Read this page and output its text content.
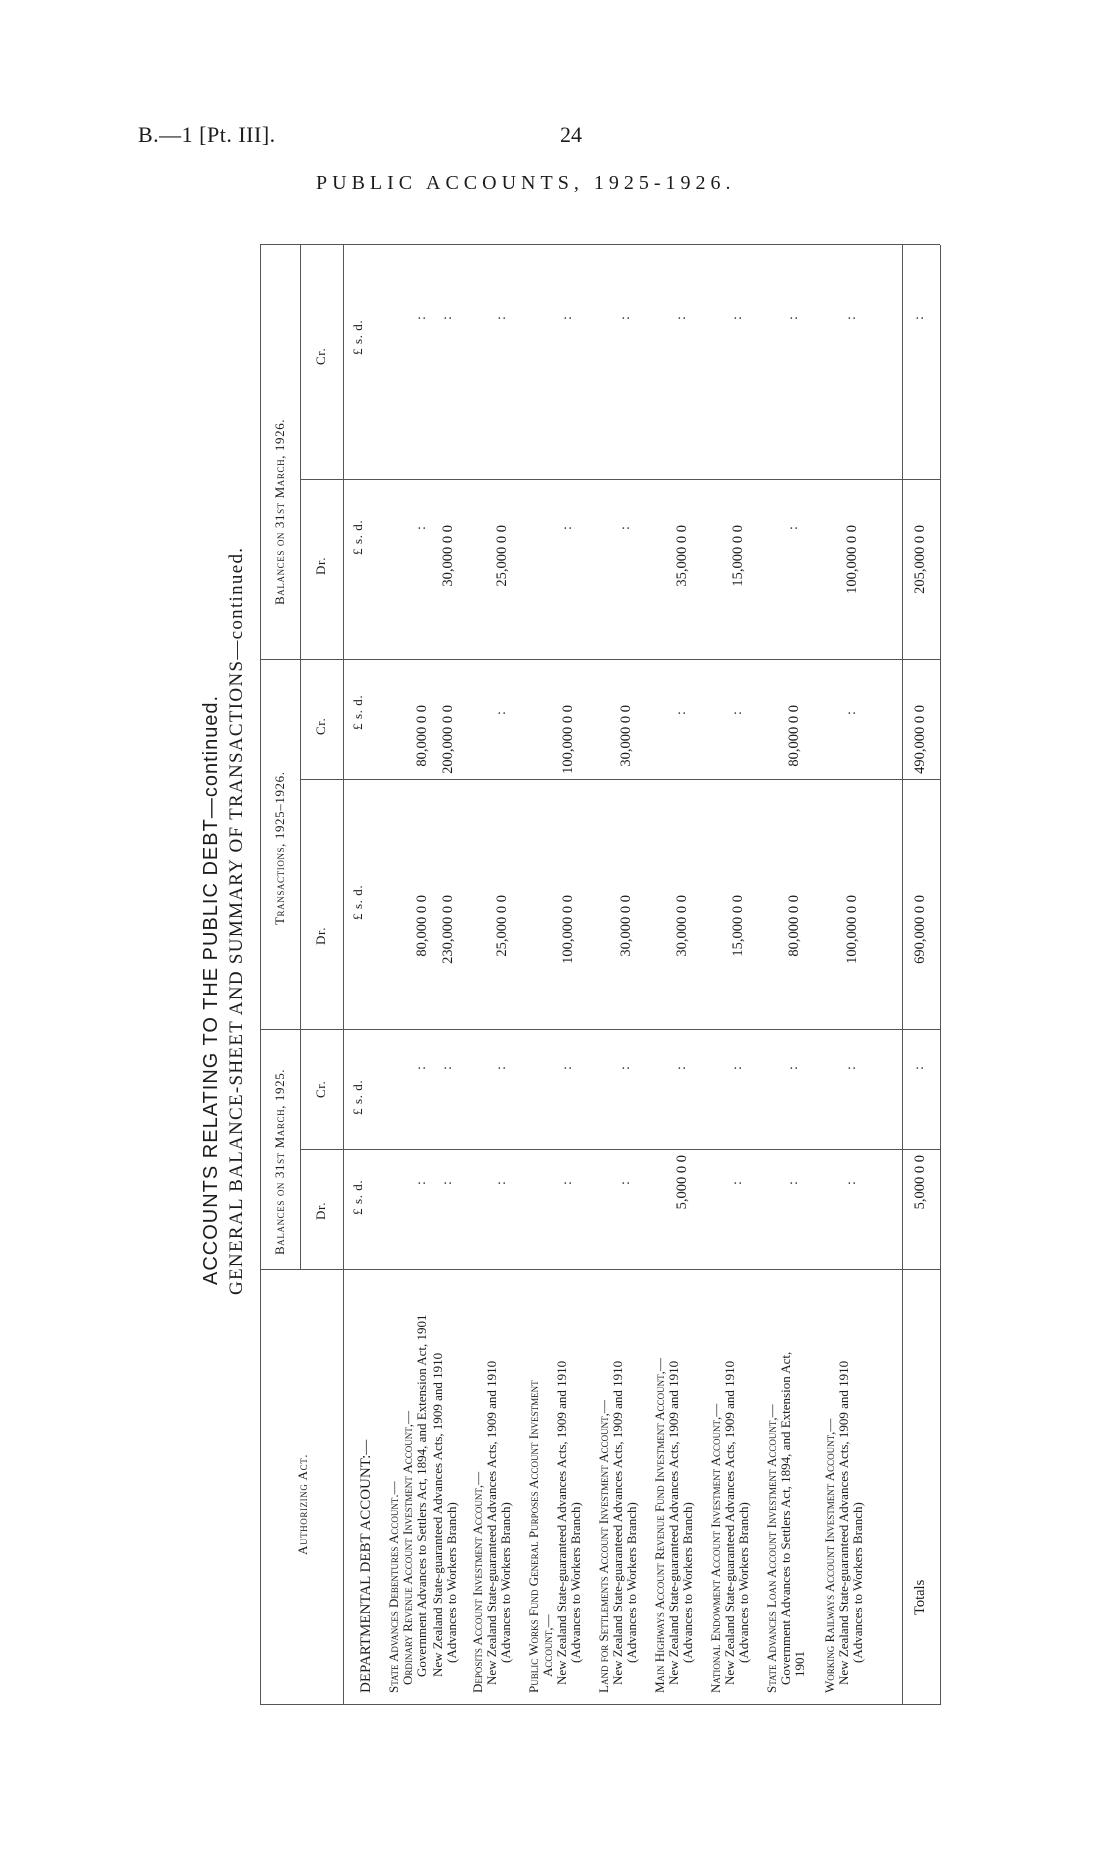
B.—1 [Pt. III].	24
PUBLIC ACCOUNTS, 1925-1926.
ACCOUNTS RELATING TO THE PUBLIC DEBT—continued. GENERAL BALANCE-SHEET AND SUMMARY OF TRANSACTIONS—continued.
Authorizing Act.
Balances on 31st March, 1925.
Transactions, 1925–1926.
Balances on 31st March, 1926.
Dr.
Cr.
Dr.
Cr.
Dr.
Cr.
£ s. d.
£ s. d.
£ s. d.
£ s. d.
£ s. d.
£ s. d.
DEPARTMENTAL DEBT ACCOUNT:— State Advances Debentures Account.— Ordinary Revenue Account Investment Account,— Government Advances to Settlers Act, 1894, and Extension Act, 1901
:
:
80,000 0 0
80,000 0 0
:
:
New Zealand State-guaranteed Advances Acts, 1909 and 1910 (Advances to Workers Branch)
:
:
230,000 0 0
200,000 0 0
30,000 0 0
:
Deposits Account Investment Account,— New Zealand State-guaranteed Advances Acts, 1909 and 1910 (Advances to Workers Branch)
:
:
25,000 0 0
:
25,000 0 0
:
Public Works Fund General Purposes Account Investment Account,— New Zealand State-guaranteed Advances Acts, 1909 and 1910 (Advances to Workers Branch)
:
:
100,000 0 0
100,000 0 0
:
:
Land for Settlements Account Investment Account,— New Zealand State-guaranteed Advances Acts, 1909 and 1910 (Advances to Workers Branch)
:
:
30,000 0 0
30,000 0 0
:
:
Main Highways Account Revenue Fund Investment Account,— New Zealand State-guaranteed Advances Acts, 1909 and 1910 (Advances to Workers Branch)
5,000 0 0
:
30,000 0 0
:
35,000 0 0
:
National Endowment Account Investment Account,— New Zealand State-guaranteed Advances Acts, 1909 and 1910 (Advances to Workers Branch)
:
:
15,000 0 0
:
15,000 0 0
:
State Advances Loan Account Investment Account,— Government Advances to Settlers Act, 1894, and Extension Act, 1901
:
:
80,000 0 0
80,000 0 0
:
:
Working Railways Account Investment Account,— New Zealand State-guaranteed Advances Acts, 1909 and 1910 (Advances to Workers Branch)
:
:
100,000 0 0
:
100,000 0 0
:
Totals
5,000 0 0
:
690,000 0 0
490,000 0 0
205,000 0 0
:
